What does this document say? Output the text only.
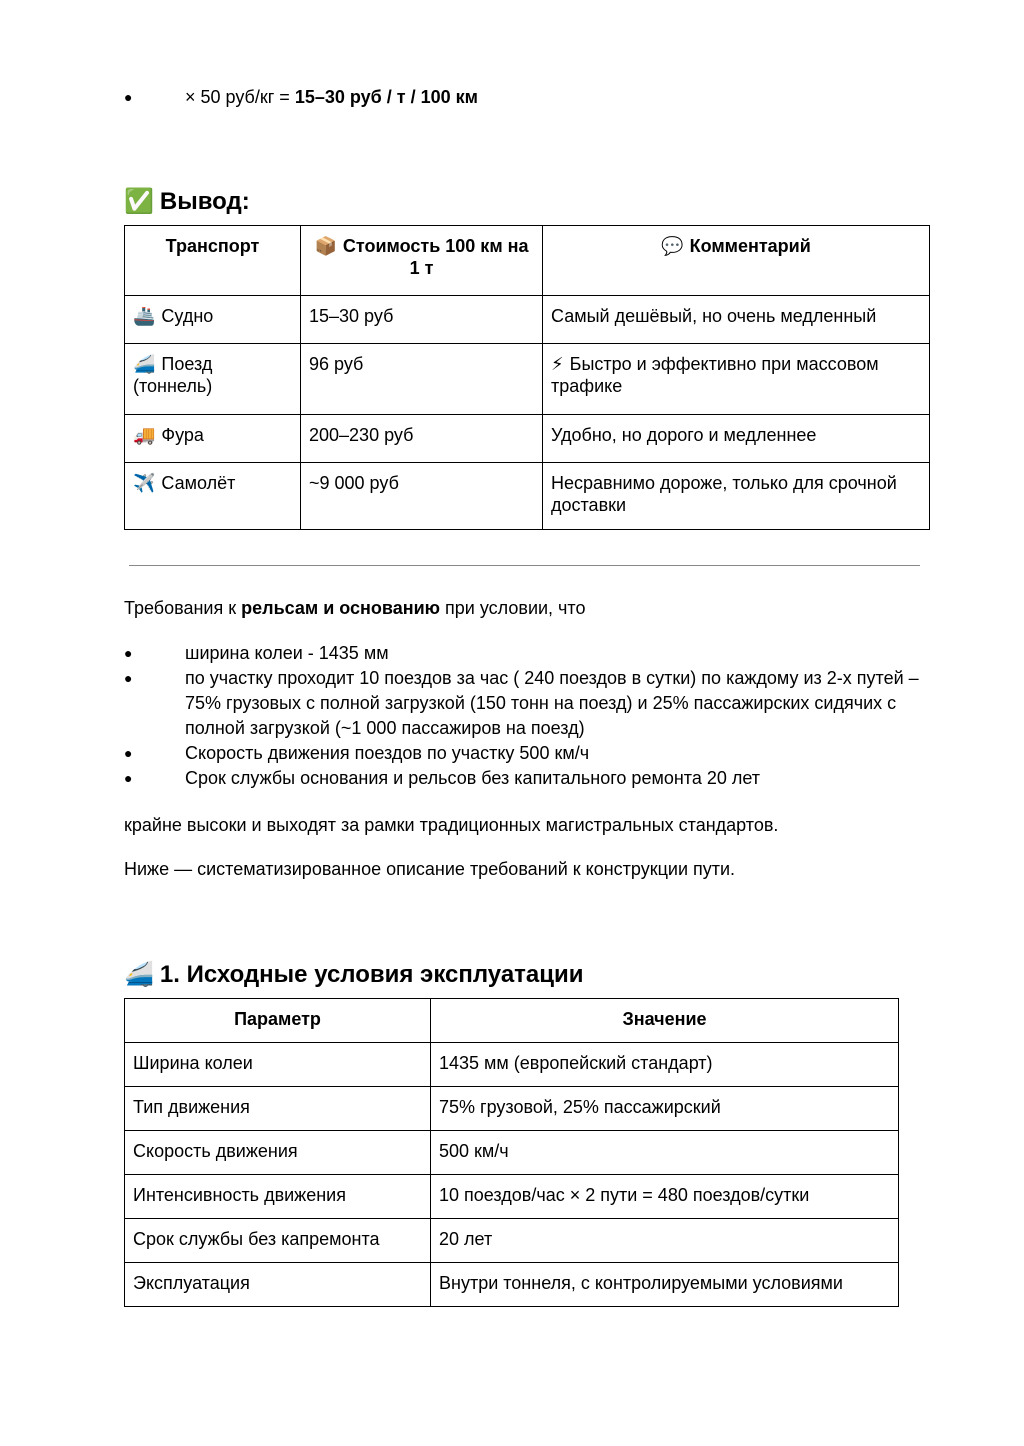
● × 50 руб/кг = 15–30 руб / т / 100 км
✅ Вывод:
Транспорт	📦 Стоимость 100 км на 1 т	💬 Комментарий
🚢 Судно	15–30 руб	Самый дешёвый, но очень медленный
🚄 Поезд (тоннель)	96 руб	⚡ Быстро и эффективно при массовом трафике
🚚 Фура	200–230 руб	Удобно, но дорого и медленнее
✈️ Самолёт	~9 000 руб	Несравнимо дороже, только для срочной доставки

Требования к рельсам и основанию при условии, что

● ширина колеи - 1435 мм
● по участку проходит 10 поездов за час ( 240 поездов в сутки) по каждому из 2-х путей – 75% грузовых с полной загрузкой (150 тонн на поезд) и 25% пассажирских сидячих с полной загрузкой (~1 000 пассажиров на поезд)
● Скорость движения поездов по участку 500 км/ч
● Срок службы основания и рельсов без капитального ремонта 20 лет

крайне высоки и выходят за рамки традиционных магистральных стандартов.

Ниже — систематизированное описание требований к конструкции пути.

🚄 1. Исходные условия эксплуатации
Параметр	Значение
Ширина колеи	1435 мм (европейский стандарт)
Тип движения	75% грузовой, 25% пассажирский
Скорость движения	500 км/ч
Интенсивность движения	10 поездов/час × 2 пути = 480 поездов/сутки
Срок службы без капремонта	20 лет
Эксплуатация	Внутри тоннеля, с контролируемыми условиями
